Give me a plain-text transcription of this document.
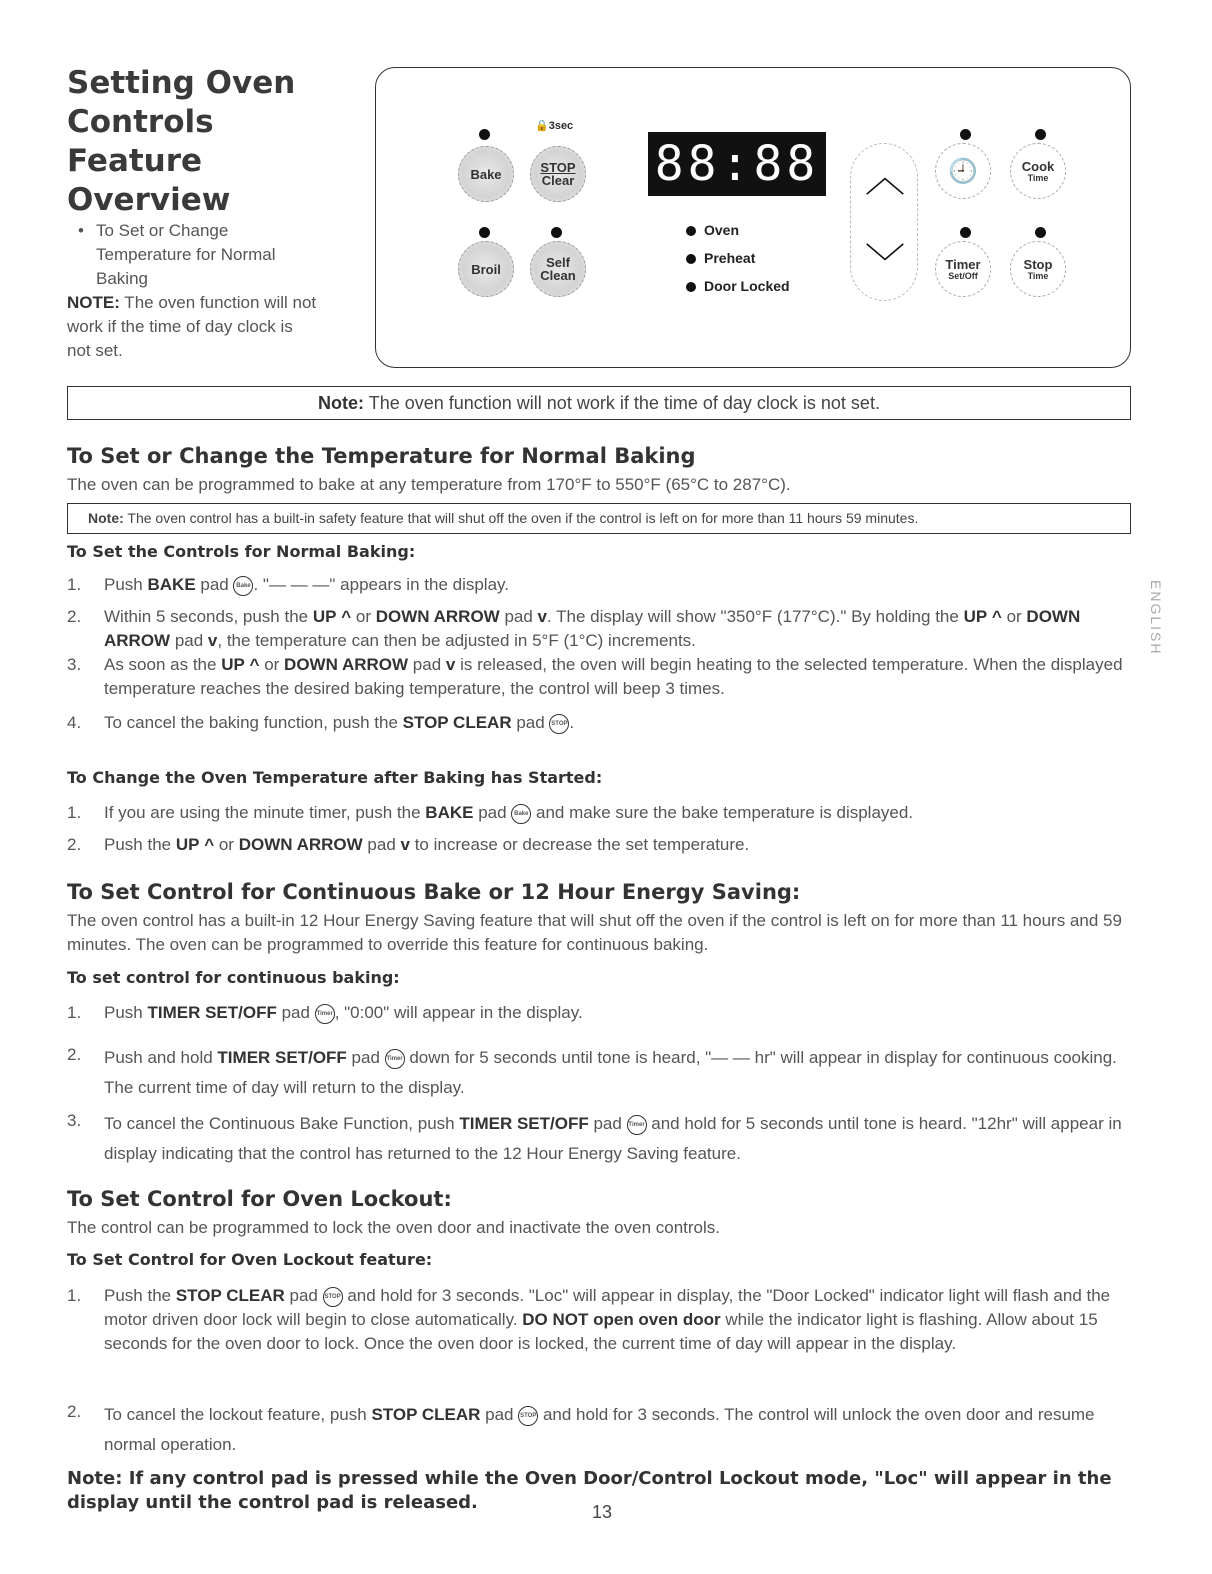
Setting Oven
Controls
Feature
Overview
• To Set or Change Temperature for Normal Baking
NOTE: The oven function will not work if the time of day clock is not set.
🔒3sec
Bake	STOP
Clear
Broil	Self
Clean
88:88
Oven
Preheat
Door Locked
︿
﹀
🕘	Cook
Time
Timer
Set/Off
Stop
Time
Note: The oven function will not work if the time of day clock is not set.
To Set or Change the Temperature for Normal Baking
The oven can be programmed to bake at any temperature from 170°F to 550°F (65°C to 287°C).
Note: The oven control has a built-in safety feature that will shut off the oven if the control is left on for more than 11 hours 59 minutes.
To Set the Controls for Normal Baking:
1. Push BAKE pad Bake . "— — —" appears in the display.
2. Within 5 seconds, push the UP ^ or DOWN ARROW pad v. The display will show "350°F (177°C)." By holding the UP ^ or DOWN ARROW pad v, the temperature can then be adjusted in 5°F (1°C) increments.
3. As soon as the UP ^ or DOWN ARROW pad v is released, the oven will begin heating to the selected temperature. When the displayed temperature reaches the desired baking temperature, the control will beep 3 times.
4. To cancel the baking function, push the STOP CLEAR pad STOP .
To Change the Oven Temperature after Baking has Started:
1. If you are using the minute timer, push the BAKE pad Bake and make sure the bake temperature is displayed.
2. Push the UP ^ or DOWN ARROW pad v to increase or decrease the set temperature.
To Set Control for Continuous Bake or 12 Hour Energy Saving:
The oven control has a built-in 12 Hour Energy Saving feature that will shut off the oven if the control is left on for more than 11 hours and 59 minutes. The oven can be programmed to override this feature for continuous baking.
To set control for continuous baking:
1. Push TIMER SET/OFF pad Timer , "0:00" will appear in the display.
2. Push and hold TIMER SET/OFF pad Timer down for 5 seconds until tone is heard, "— — hr" will appear in display for continuous cooking. The current time of day will return to the display.
3. To cancel the Continuous Bake Function, push TIMER SET/OFF pad Timer and hold for 5 seconds until tone is heard. "12hr" will appear in display indicating that the control has returned to the 12 Hour Energy Saving feature.
To Set Control for Oven Lockout:
The control can be programmed to lock the oven door and inactivate the oven controls.
To Set Control for Oven Lockout feature:
1. Push the STOP CLEAR pad STOP and hold for 3 seconds. "Loc" will appear in display, the "Door Locked" indicator light will flash and the motor driven door lock will begin to close automatically. DO NOT open oven door while the indicator light is flashing. Allow about 15 seconds for the oven door to lock. Once the oven door is locked, the current time of day will appear in the display.
2. To cancel the lockout feature, push STOP CLEAR pad STOP and hold for 3 seconds. The control will unlock the oven door and resume normal operation.
Note: If any control pad is pressed while the Oven Door/Control Lockout mode, "Loc" will appear in the display until the control pad is released.	13
ENGLISH
